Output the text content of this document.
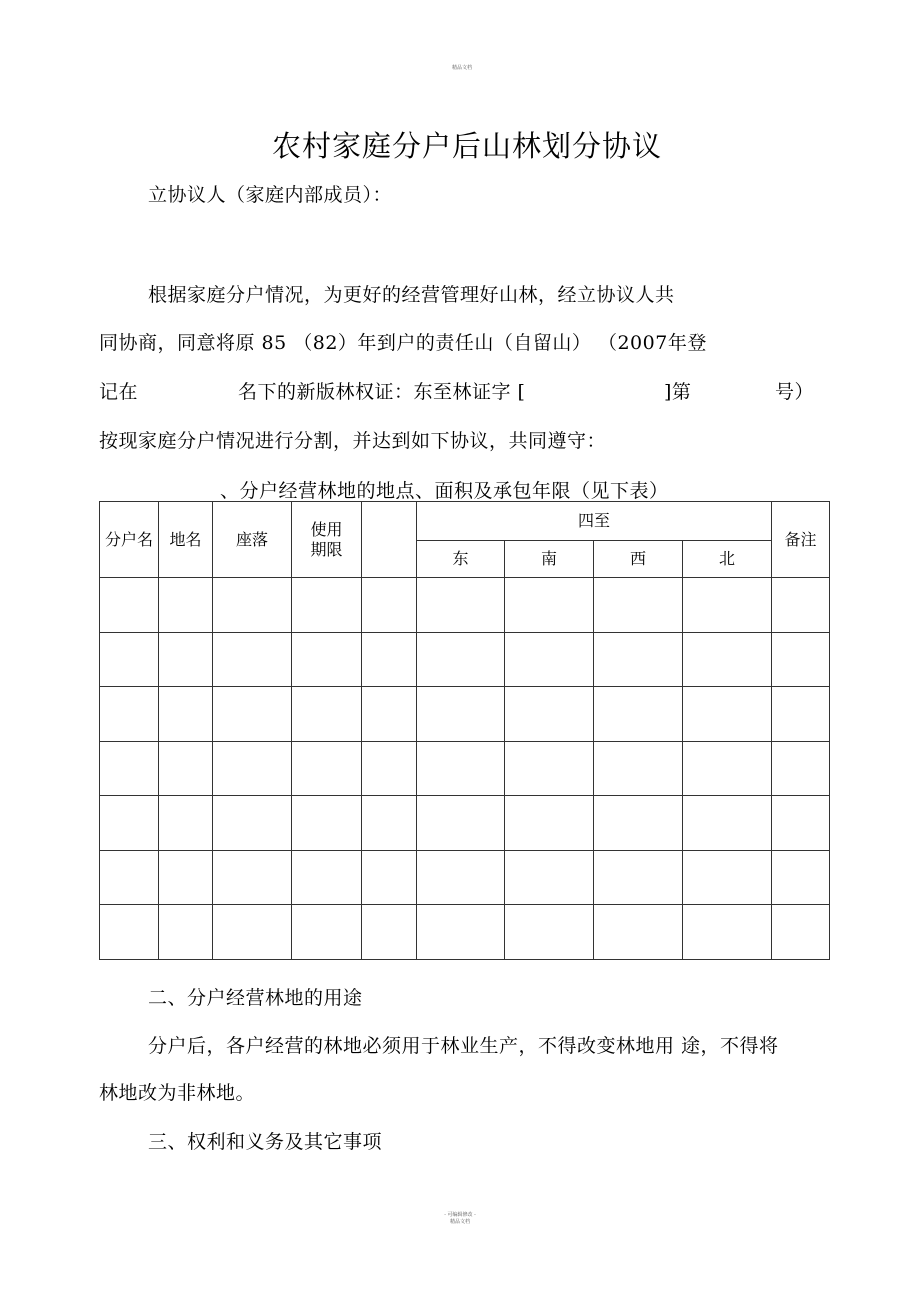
精品文档
农村家庭分户后山林划分协议
立协议人（家庭内部成员）：
根据家庭分户情况，为更好的经营管理好山林，经立协议人共
同协商，同意将原 85 （82）年到户的责任山（自留山） （2007年登
记在	名下的新版林权证：东至林证字 [	]第	号）
按现家庭分户情况进行分割，并达到如下协议，共同遵守：
、分户经营林地的地点、面积及承包年限（见下表）
分户名	地名	座落	使用 期限		四至				备注
					东	南	西	北	

二、分户经营林地的用途
分户后，各户经营的林地必须用于林业生产，不得改变林地用 途，不得将
林地改为非林地。
三、权利和义务及其它事项
- 可编辑修改 -
精品文档
